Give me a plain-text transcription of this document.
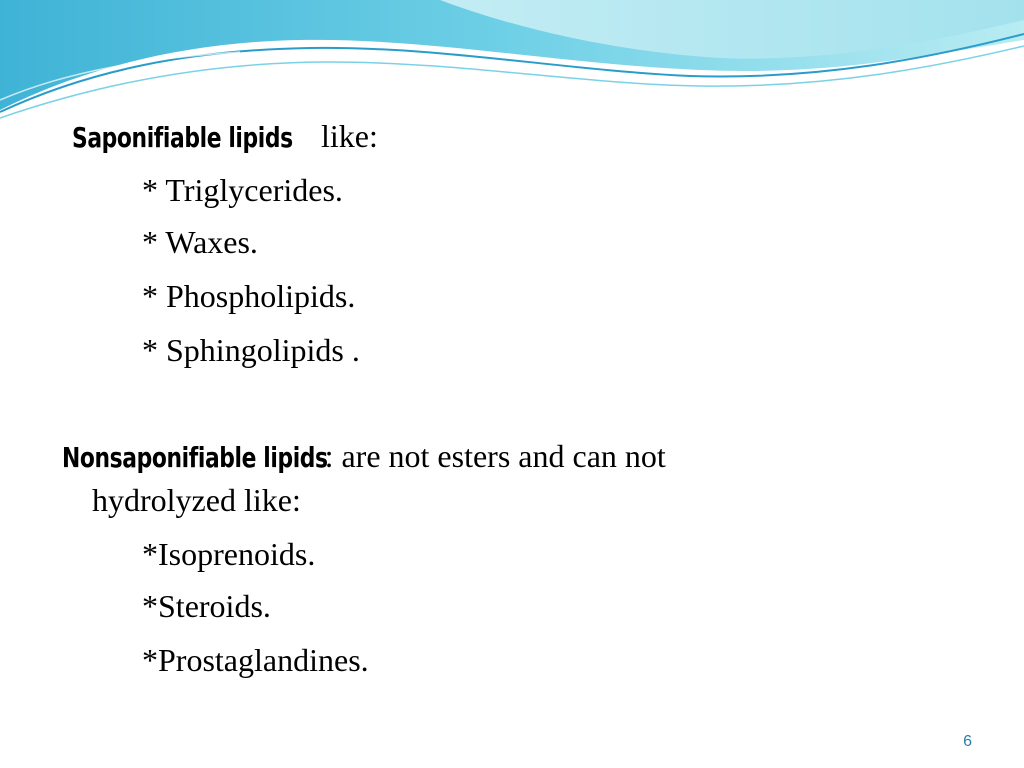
Saponifiable lipids like:
* Triglycerides.
* Waxes.
* Phospholipids.
* Sphingolipids .
Nonsaponifiable lipids: are not esters and can not
hydrolyzed like:
*Isoprenoids.
*Steroids.
*Prostaglandines.
6
